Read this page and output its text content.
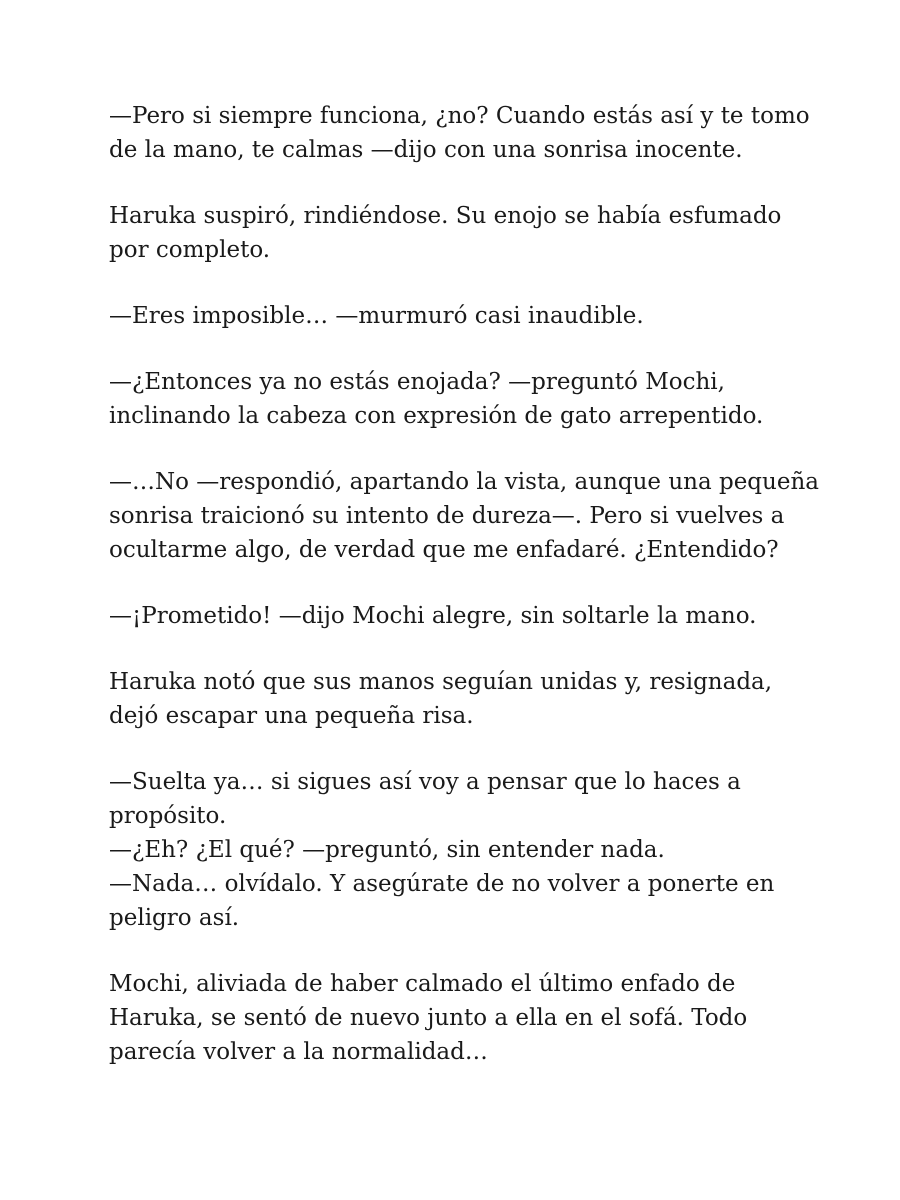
—Pero si siempre funciona, ¿no? Cuando estás así y te tomo
de la mano, te calmas —dijo con una sonrisa inocente.

Haruka suspiró, rindiéndose. Su enojo se había esfumado
por completo.

—Eres imposible… —murmuró casi inaudible.

—¿Entonces ya no estás enojada? —preguntó Mochi,
inclinando la cabeza con expresión de gato arrepentido.

—…No —respondió, apartando la vista, aunque una pequeña
sonrisa traicionó su intento de dureza—. Pero si vuelves a
ocultarme algo, de verdad que me enfadaré. ¿Entendido?

—¡Prometido! —dijo Mochi alegre, sin soltarle la mano.

Haruka notó que sus manos seguían unidas y, resignada,
dejó escapar una pequeña risa.

—Suelta ya… si sigues así voy a pensar que lo haces a
propósito.
—¿Eh? ¿El qué? —preguntó, sin entender nada.
—Nada… olvídalo. Y asegúrate de no volver a ponerte en
peligro así.

Mochi, aliviada de haber calmado el último enfado de
Haruka, se sentó de nuevo junto a ella en el sofá. Todo
parecía volver a la normalidad…
